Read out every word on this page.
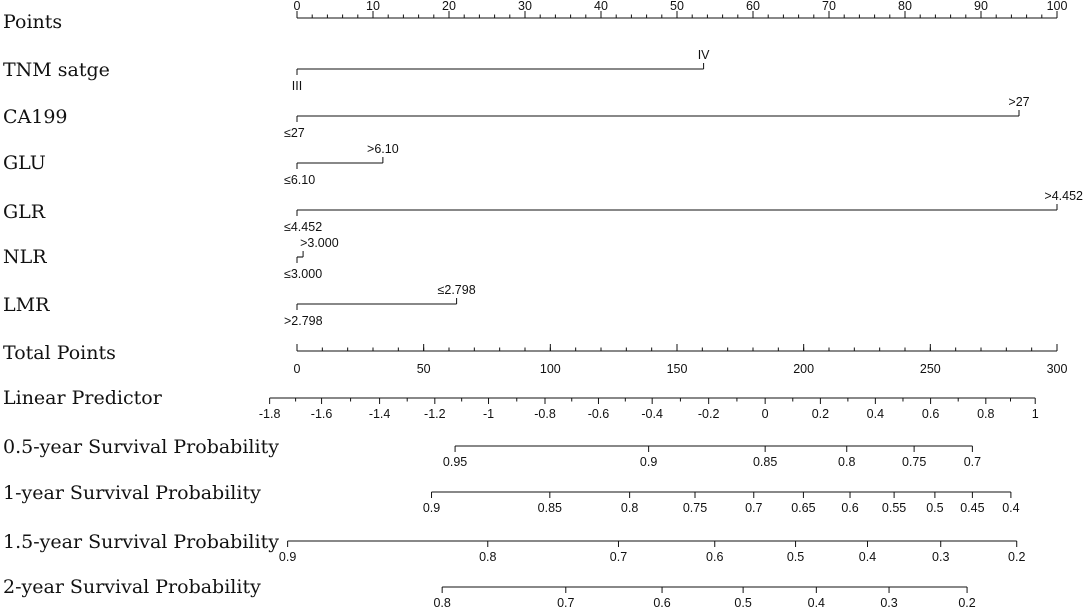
Points
0	10	20	30	40	50	60	70	80	90	100
TNM satge
III
IV
CA199
≤27
>27
GLU
≤6.10
>6.10
GLR
≤4.452
>4.452
NLR
≤3.000
>3.000
LMR
>2.798
≤2.798
Total Points
0	50	100	150	200	250	300
Linear Predictor
-1.8 -1.6	-1.4	-1.2	-1	-0.8	-0.6	-0.4	-0.2	0	0.2	0.4	0.6	0.8	1
0.5-year Survival Probability
0.95	0.9	0.85	0.8	0.75	0.7
1-year Survival Probability
0.9	0.85	0.8	0.75	0.7 0.65 0.6 0.55 0.5 0.45 0.4
1.5-year Survival Probability
0.9	0.8	0.7	0.6	0.5	0.4	0.3	0.2
2-year Survival Probability
0.8	0.7	0.6	0.5	0.4	0.3	0.2
